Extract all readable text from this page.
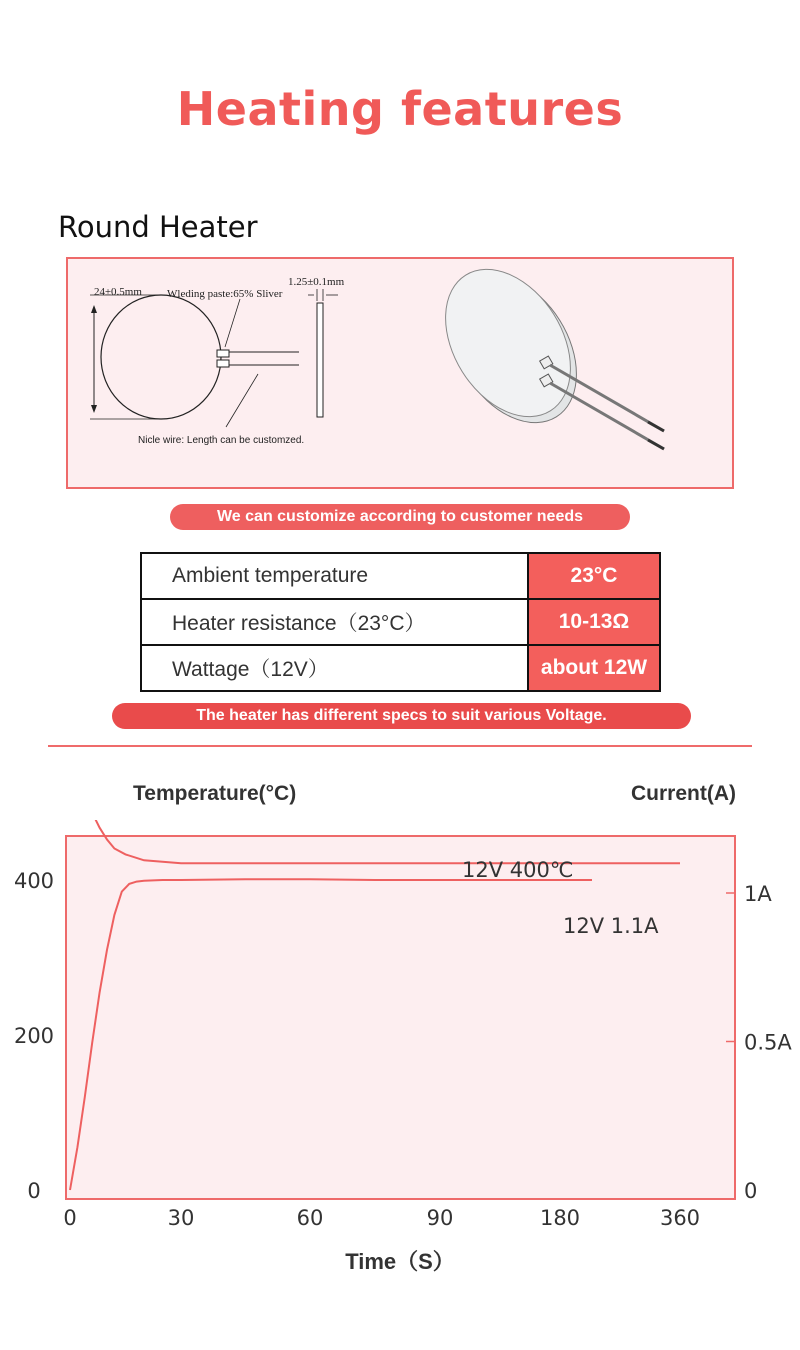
Heating features
Round Heater
24±0.5mm Wleding paste:65% Sliver
1.25±0.1mm
Nicle wire: Length can be customzed.
We can customize according to customer needs
Ambient temperature	23°C
Heater resistance（23°C）	10-13Ω
Wattage（12V）	about 12W
The heater has different specs to suit various Voltage.
Temperature(°C)	Current(A)
0	30	60	90	180	360
0
200
400
0
0.5A
1A
12V 400℃
12V 1.1A
Time（S）
